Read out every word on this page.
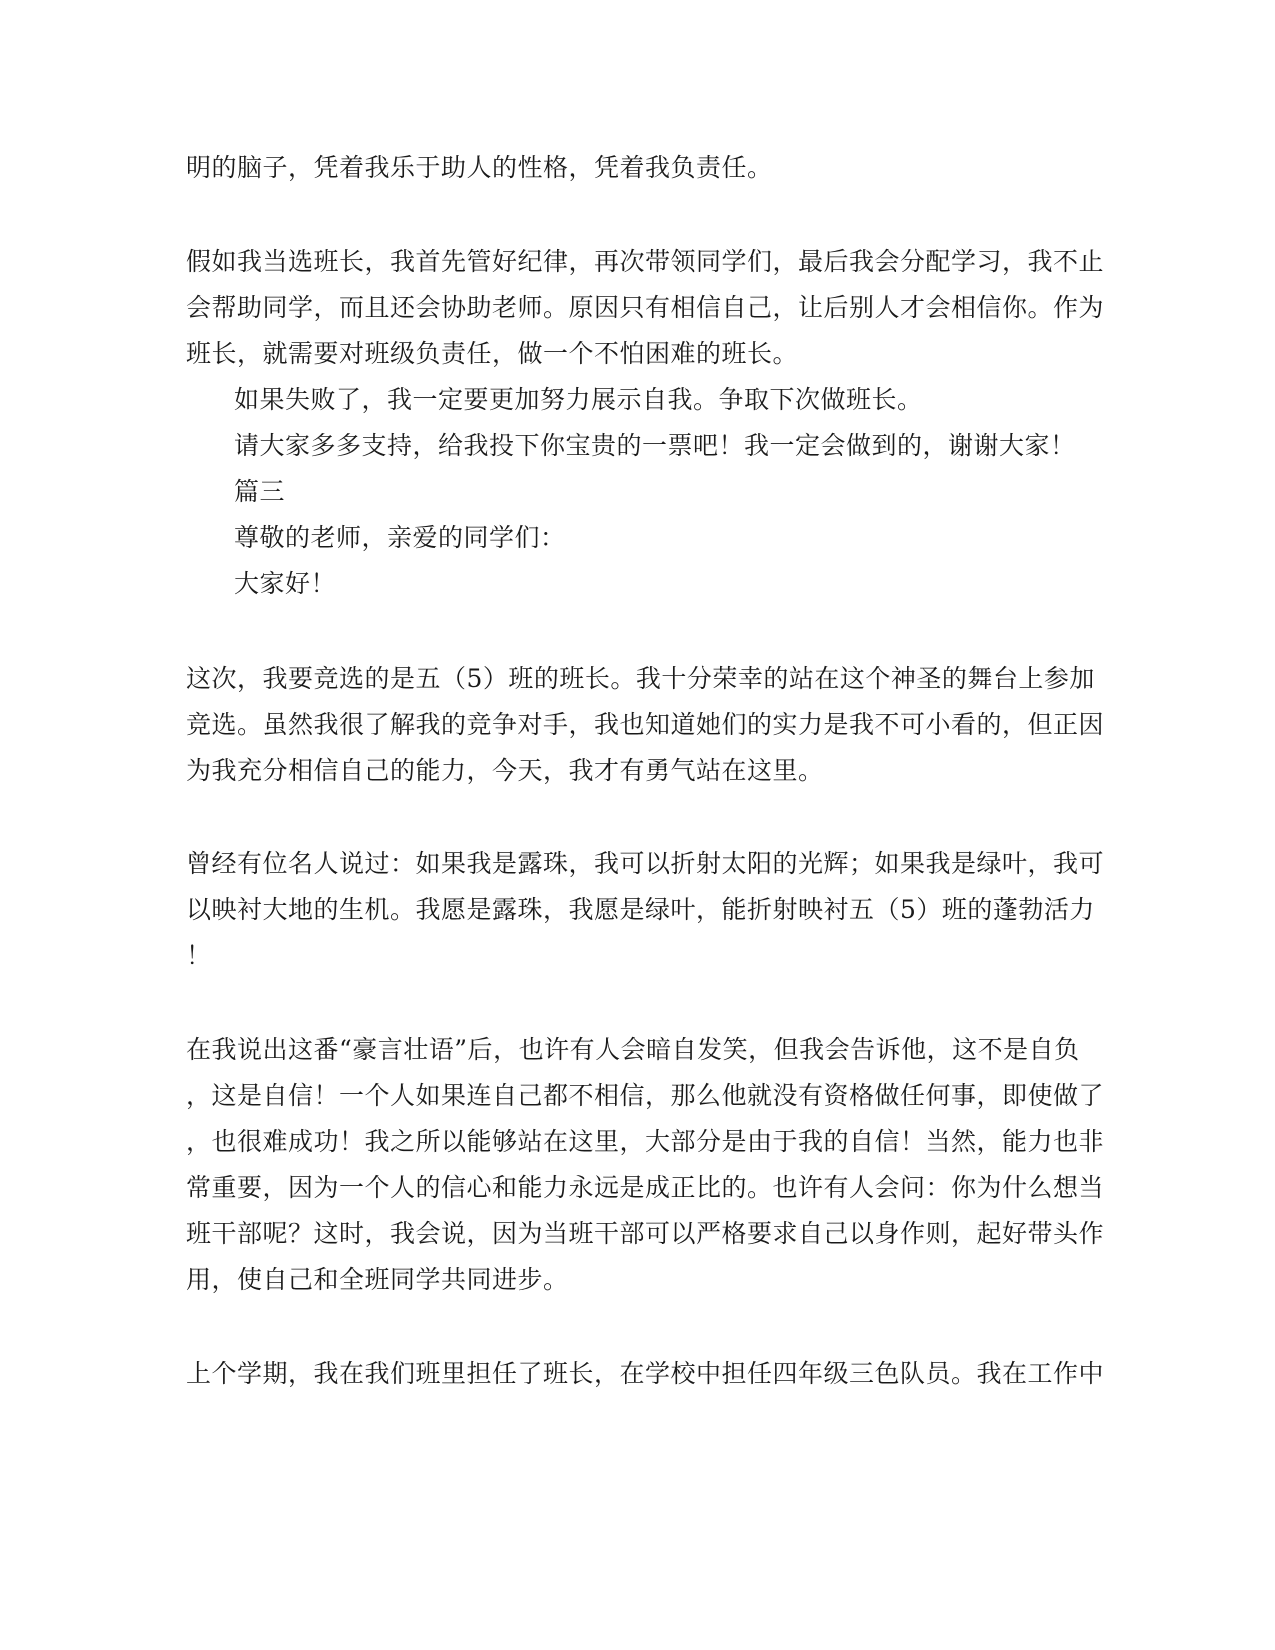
明的脑子，凭着我乐于助人的性格，凭着我负责任。
假如我当选班长，我首先管好纪律，再次带领同学们，最后我会分配学习，我不止
会帮助同学，而且还会协助老师。原因只有相信自己，让后别人才会相信你。作为
班长，就需要对班级负责任，做一个不怕困难的班长。
如果失败了，我一定要更加努力展示自我。争取下次做班长。
请大家多多支持，给我投下你宝贵的一票吧！我一定会做到的，谢谢大家！
篇三
尊敬的老师，亲爱的同学们：
大家好！
这次，我要竞选的是五（5）班的班长。我十分荣幸的站在这个神圣的舞台上参加
竞选。虽然我很了解我的竞争对手，我也知道她们的实力是我不可小看的，但正因
为我充分相信自己的能力，今天，我才有勇气站在这里。
曾经有位名人说过：如果我是露珠，我可以折射太阳的光辉；如果我是绿叶，我可
以映衬大地的生机。我愿是露珠，我愿是绿叶，能折射映衬五（5）班的蓬勃活力
！
在我说出这番“豪言壮语”后，也许有人会暗自发笑，但我会告诉他，这不是自负
，这是自信！一个人如果连自己都不相信，那么他就没有资格做任何事，即使做了
，也很难成功！我之所以能够站在这里，大部分是由于我的自信！当然，能力也非
常重要，因为一个人的信心和能力永远是成正比的。也许有人会问：你为什么想当
班干部呢？这时，我会说，因为当班干部可以严格要求自己以身作则，起好带头作
用，使自己和全班同学共同进步。
上个学期，我在我们班里担任了班长，在学校中担任四年级三色队员。我在工作中
